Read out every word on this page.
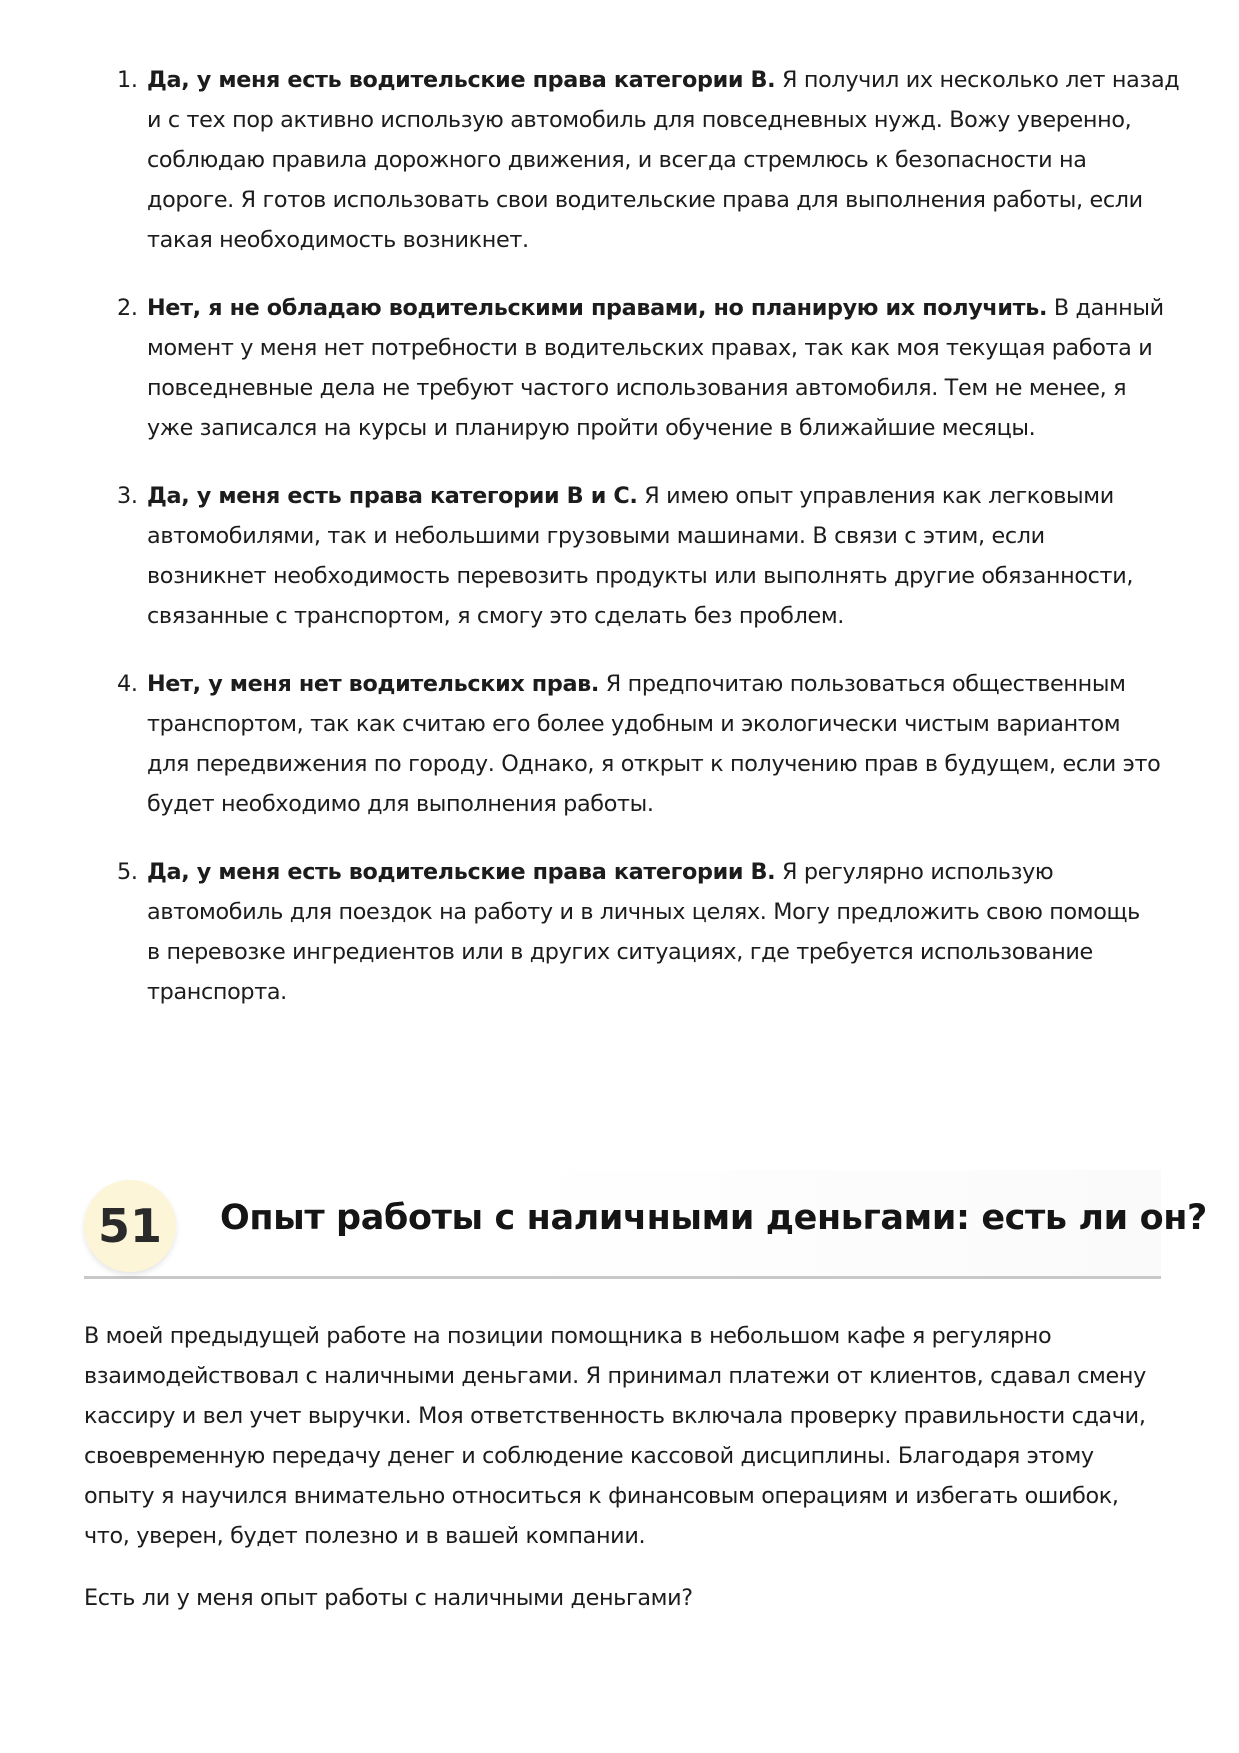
1. Да, у меня есть водительские права категории B. Я получил их несколько лет назад
и с тех пор активно использую автомобиль для повседневных нужд. Вожу уверенно,
соблюдаю правила дорожного движения, и всегда стремлюсь к безопасности на
дороге. Я готов использовать свои водительские права для выполнения работы, если
такая необходимость возникнет.
2. Нет, я не обладаю водительскими правами, но планирую их получить. В данный
момент у меня нет потребности в водительских правах, так как моя текущая работа и
повседневные дела не требуют частого использования автомобиля. Тем не менее, я
уже записался на курсы и планирую пройти обучение в ближайшие месяцы.
3. Да, у меня есть права категории B и C. Я имею опыт управления как легковыми
автомобилями, так и небольшими грузовыми машинами. В связи с этим, если
возникнет необходимость перевозить продукты или выполнять другие обязанности,
связанные с транспортом, я смогу это сделать без проблем.
4. Нет, у меня нет водительских прав. Я предпочитаю пользоваться общественным
транспортом, так как считаю его более удобным и экологически чистым вариантом
для передвижения по городу. Однако, я открыт к получению прав в будущем, если это
будет необходимо для выполнения работы.
5. Да, у меня есть водительские права категории B. Я регулярно использую
автомобиль для поездок на работу и в личных целях. Могу предложить свою помощь
в перевозке ингредиентов или в других ситуациях, где требуется использование
транспорта.
51	Опыт работы с наличными деньгами: есть ли он?

В моей предыдущей работе на позиции помощника в небольшом кафе я регулярно
взаимодействовал с наличными деньгами. Я принимал платежи от клиентов, сдавал смену
кассиру и вел учет выручки. Моя ответственность включала проверку правильности сдачи,
своевременную передачу денег и соблюдение кассовой дисциплины. Благодаря этому
опыту я научился внимательно относиться к финансовым операциям и избегать ошибок,
что, уверен, будет полезно и в вашей компании.

Есть ли у меня опыт работы с наличными деньгами?
